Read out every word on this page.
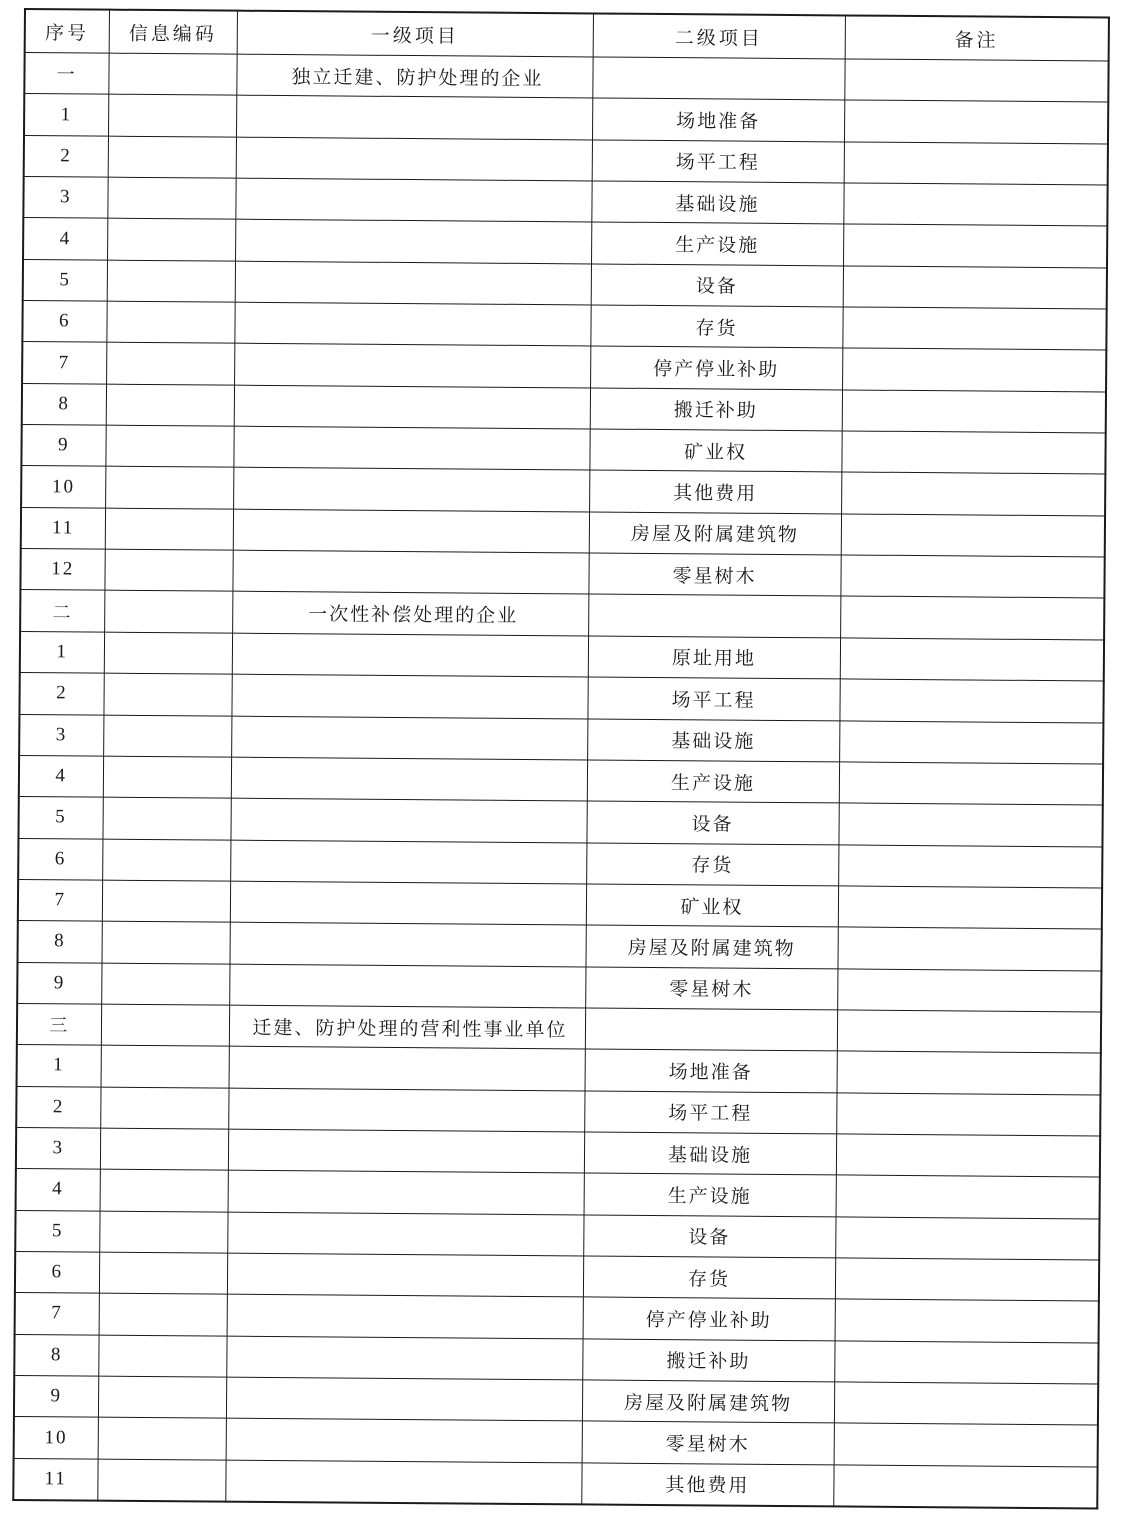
序号	信息编码	一级项目	二级项目	备注
一		独立迁建、防护处理的企业		
1			场地准备	
2			场平工程	
3			基础设施	
4			生产设施	
5			设备	
6			存货	
7			停产停业补助	
8			搬迁补助	
9			矿业权	
10			其他费用	
11			房屋及附属建筑物	
12			零星树木	
二		一次性补偿处理的企业		
1			原址用地	
2			场平工程	
3			基础设施	
4			生产设施	
5			设备	
6			存货	
7			矿业权	
8			房屋及附属建筑物	
9			零星树木	
三		迁建、防护处理的营利性事业单位		
1			场地准备	
2			场平工程	
3			基础设施	
4			生产设施	
5			设备	
6			存货	
7			停产停业补助	
8			搬迁补助	
9			房屋及附属建筑物	
10			零星树木	
11			其他费用	
